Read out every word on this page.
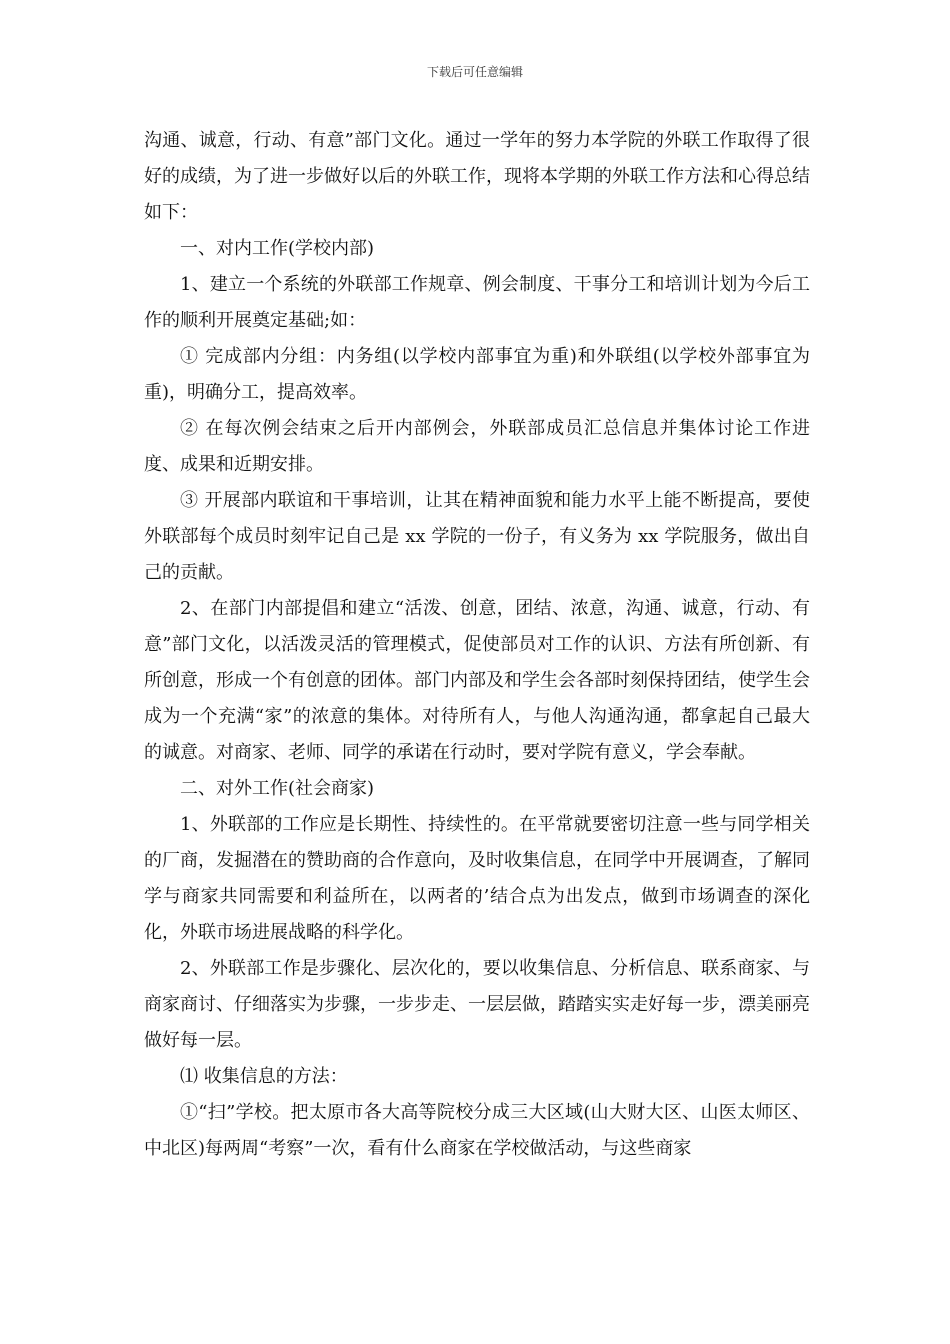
下载后可任意编辑

沟通、诚意，行动、有意”部门文化。通过一学年的努力本学院的外联工作取得了很好的成绩，为了进一步做好以后的外联工作，现将本学期的外联工作方法和心得总结如下：

一、对内工作(学校内部)

1、建立一个系统的外联部工作规章、例会制度、干事分工和培训计划为今后工作的顺利开展奠定基础;如：

① 完成部内分组：内务组(以学校内部事宜为重)和外联组(以学校外部事宜为重)，明确分工，提高效率。

② 在每次例会结束之后开内部例会，外联部成员汇总信息并集体讨论工作进度、成果和近期安排。

③ 开展部内联谊和干事培训，让其在精神面貌和能力水平上能不断提高，要使外联部每个成员时刻牢记自己是 xx 学院的一份子，有义务为 xx 学院服务，做出自己的贡献。

2、在部门内部提倡和建立“活泼、创意，团结、浓意，沟通、诚意，行动、有意”部门文化，以活泼灵活的管理模式，促使部员对工作的认识、方法有所创新、有所创意，形成一个有创意的团体。部门内部及和学生会各部时刻保持团结，使学生会成为一个充满“家”的浓意的集体。对待所有人，与他人沟通沟通，都拿起自己最大的诚意。对商家、老师、同学的承诺在行动时，要对学院有意义，学会奉献。

二、对外工作(社会商家)

1、外联部的工作应是长期性、持续性的。在平常就要密切注意一些与同学相关的厂商，发掘潜在的赞助商的合作意向，及时收集信息，在同学中开展调查，了解同学与商家共同需要和利益所在，以两者的’结合点为出发点，做到市场调查的深化化，外联市场进展战略的科学化。

2、外联部工作是步骤化、层次化的，要以收集信息、分析信息、联系商家、与商家商讨、仔细落实为步骤，一步步走、一层层做，踏踏实实走好每一步，漂美丽亮做好每一层。

⑴ 收集信息的方法：

①“扫”学校。把太原市各大高等院校分成三大区域(山大财大区、山医太师区、中北区)每两周“考察”一次，看有什么商家在学校做活动，与这些商家
